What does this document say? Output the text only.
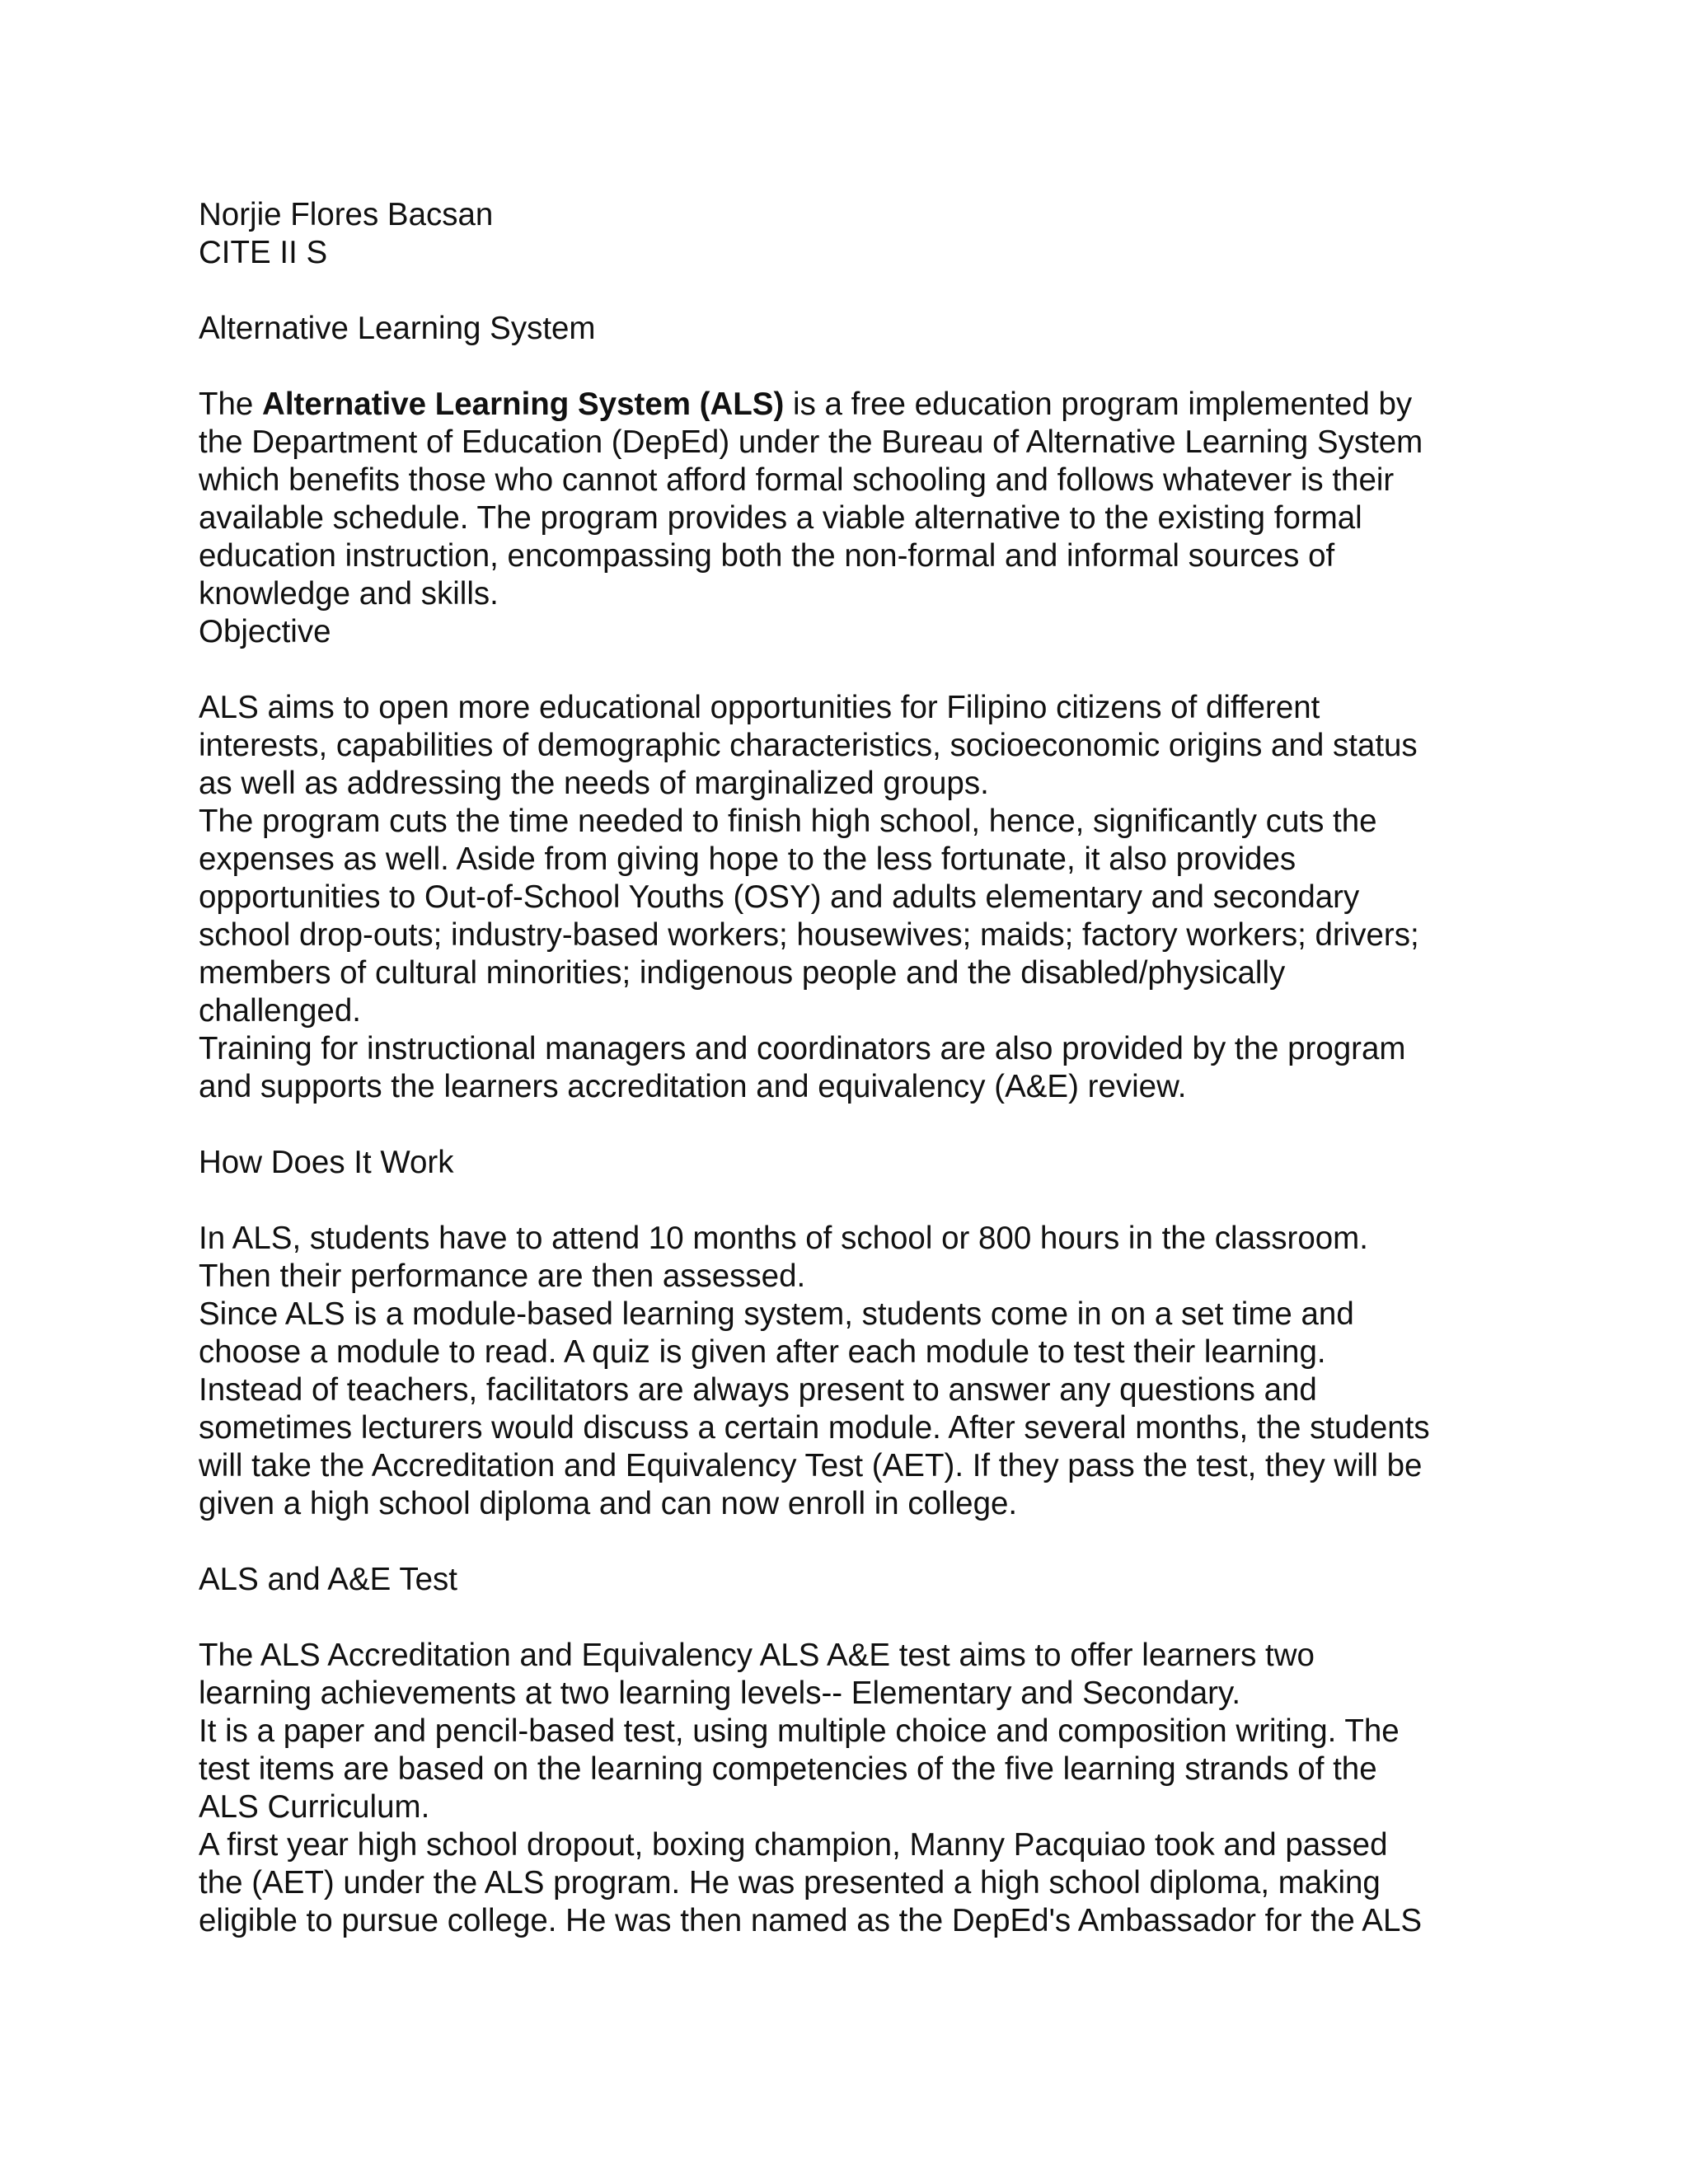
Norjie Flores Bacsan

CITE II S

Alternative Learning System

The Alternative Learning System (ALS) is a free education program implemented by

the Department of Education (DepEd) under the Bureau of Alternative Learning System

which benefits those who cannot afford formal schooling and follows whatever is their

available schedule. The program provides a viable alternative to the existing formal

education instruction, encompassing both the non-formal and informal sources of

knowledge and skills.

Objective

ALS aims to open more educational opportunities for Filipino citizens of different

interests, capabilities of demographic characteristics, socioeconomic origins and status

as well as addressing the needs of marginalized groups.

The program cuts the time needed to finish high school, hence, significantly cuts the

expenses as well. Aside from giving hope to the less fortunate, it also provides

opportunities to Out-of-School Youths (OSY) and adults elementary and secondary

school drop-outs; industry-based workers; housewives; maids; factory workers; drivers;

members of cultural minorities; indigenous people and the disabled/physically

challenged.

Training for instructional managers and coordinators are also provided by the program

and supports the learners accreditation and equivalency (A&E) review.

How Does It Work

In ALS, students have to attend 10 months of school or 800 hours in the classroom.

Then their performance are then assessed.

Since ALS is a module-based learning system, students come in on a set time and

choose a module to read. A quiz is given after each module to test their learning.

Instead of teachers, facilitators are always present to answer any questions and

sometimes lecturers would discuss a certain module. After several months, the students

will take the Accreditation and Equivalency Test (AET). If they pass the test, they will be

given a high school diploma and can now enroll in college.

ALS and A&E Test

The ALS Accreditation and Equivalency ALS A&E test aims to offer learners two

learning achievements at two learning levels-- Elementary and Secondary.

It is a paper and pencil-based test, using multiple choice and composition writing. The

test items are based on the learning competencies of the five learning strands of the

ALS Curriculum.

A first year high school dropout, boxing champion, Manny Pacquiao took and passed

the (AET) under the ALS program. He was presented a high school diploma, making

eligible to pursue college. He was then named as the DepEd's Ambassador for the ALS
